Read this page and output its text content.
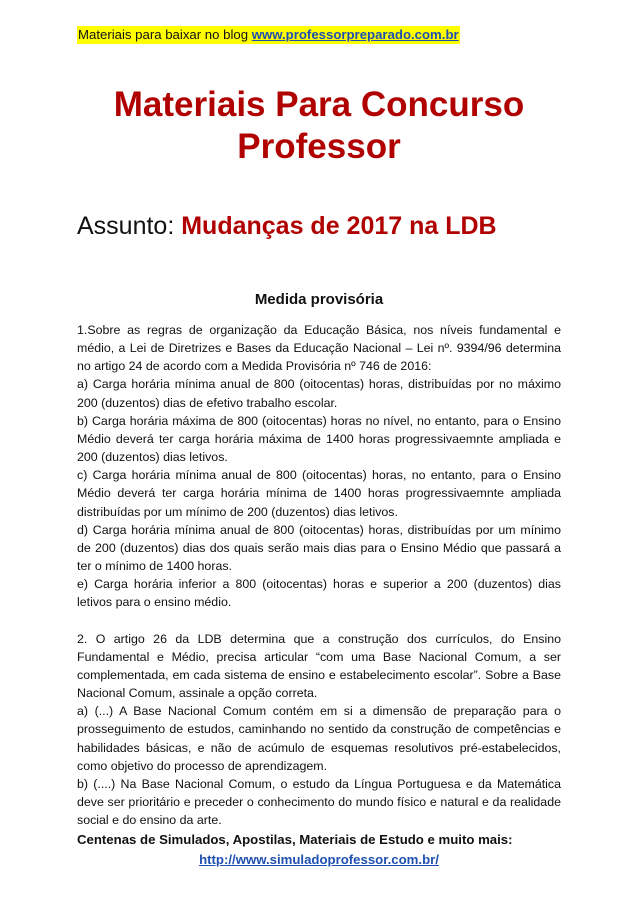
Materiais para baixar no blog www.professorpreparado.com.br
Materiais Para Concurso
Professor
Assunto: Mudanças de 2017 na LDB
Medida provisória

1.Sobre as regras de organização da Educação Básica, nos níveis fundamental e médio, a Lei de Diretrizes e Bases da Educação Nacional – Lei nº. 9394/96 determina no artigo 24 de acordo com a Medida Provisória nº 746 de 2016:

a) Carga horária mínima anual de 800 (oitocentas) horas, distribuídas por no máximo 200 (duzentos) dias de efetivo trabalho escolar.

b) Carga horária máxima de 800 (oitocentas) horas no nível, no entanto, para o Ensino Médio deverá ter carga horária máxima de 1400 horas progressivaemnte ampliada e 200 (duzentos) dias letivos.

c) Carga horária mínima anual de 800 (oitocentas) horas, no entanto, para o Ensino Médio deverá ter carga horária mínima de 1400 horas progressivaemnte ampliada distribuídas por um mínimo de 200 (duzentos) dias letivos.

d) Carga horária mínima anual de 800 (oitocentas) horas, distribuídas por um mínimo de 200 (duzentos) dias dos quais serão mais dias para o Ensino Médio que passará a ter o mínimo de 1400 horas.

e) Carga horária inferior a 800 (oitocentas) horas e superior a 200 (duzentos) dias letivos para o ensino médio.

2. O artigo 26 da LDB determina que a construção dos currículos, do Ensino Fundamental e Médio, precisa articular “com uma Base Nacional Comum, a ser complementada, em cada sistema de ensino e estabelecimento escolar”. Sobre a Base Nacional Comum, assinale a opção correta.

a) (...) A Base Nacional Comum contém em si a dimensão de preparação para o prosseguimento de estudos, caminhando no sentido da construção de competências e habilidades básicas, e não de acúmulo de esquemas resolutivos pré-estabelecidos, como objetivo do processo de aprendizagem.

b) (....) Na Base Nacional Comum, o estudo da Língua Portuguesa e da Matemática deve ser prioritário e preceder o conhecimento do mundo físico e natural e da realidade social e do ensino da arte.

Centenas de Simulados, Apostilas, Materiais de Estudo e muito mais:
http://www.simuladoprofessor.com.br/
